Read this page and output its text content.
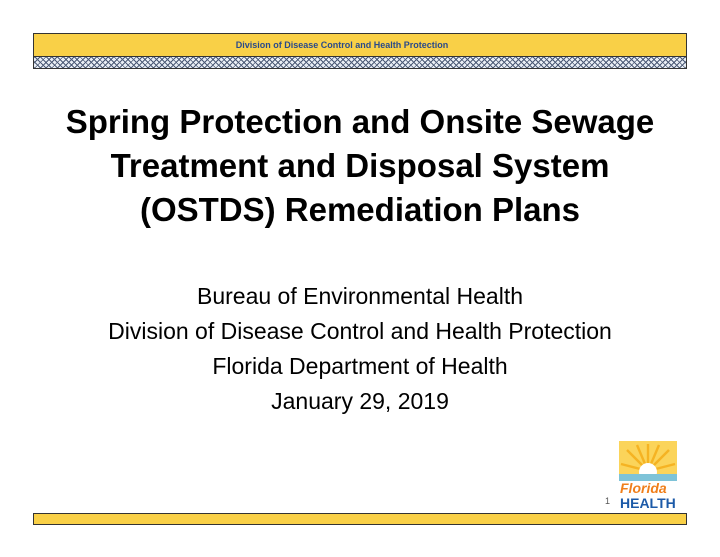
Division of Disease Control and Health Protection
Spring Protection and Onsite Sewage Treatment and Disposal System (OSTDS) Remediation Plans
Bureau of Environmental Health
Division of Disease Control and Health Protection
Florida Department of Health
January 29, 2019
1
Florida
HEALTH
